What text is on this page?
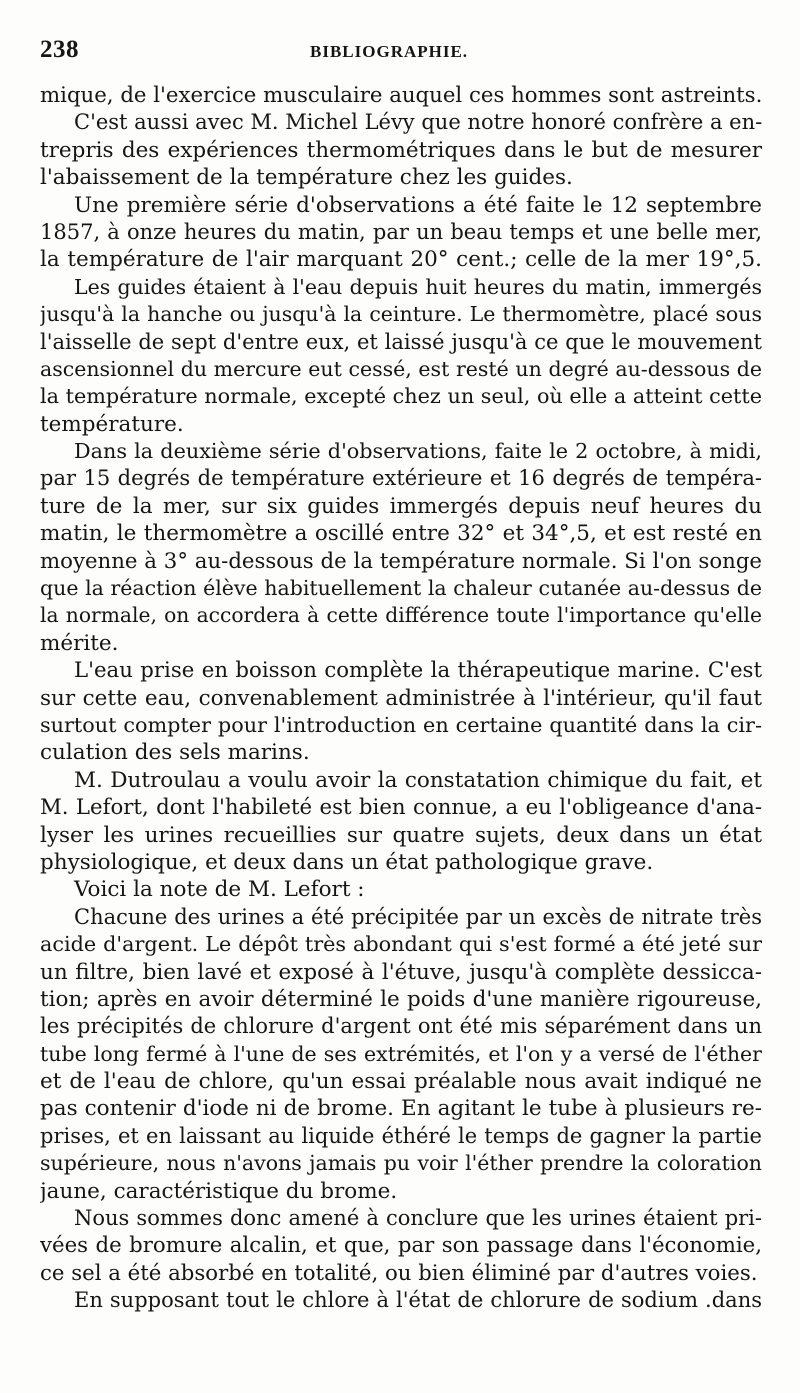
238	BIBLIOGRAPHIE.
mique, de l'exercice musculaire auquel ces hommes sont astreints.
C'est aussi avec M. Michel Lévy que notre honoré confrère a en-
trepris des expériences thermométriques dans le but de mesurer
l'abaissement de la température chez les guides.
Une première série d'observations a été faite le 12 septembre
1857, à onze heures du matin, par un beau temps et une belle mer,
la température de l'air marquant 20° cent.; celle de la mer 19°,5.
Les guides étaient à l'eau depuis huit heures du matin, immergés
jusqu'à la hanche ou jusqu'à la ceinture. Le thermomètre, placé sous
l'aisselle de sept d'entre eux, et laissé jusqu'à ce que le mouvement
ascensionnel du mercure eut cessé, est resté un degré au-dessous de
la température normale, excepté chez un seul, où elle a atteint cette
température.
Dans la deuxième série d'observations, faite le 2 octobre, à midi,
par 15 degrés de température extérieure et 16 degrés de tempéra-
ture de la mer, sur six guides immergés depuis neuf heures du
matin, le thermomètre a oscillé entre 32° et 34°,5, et est resté en
moyenne à 3° au-dessous de la température normale. Si l'on songe
que la réaction élève habituellement la chaleur cutanée au-dessus de
la normale, on accordera à cette différence toute l'importance qu'elle
mérite.
L'eau prise en boisson complète la thérapeutique marine. C'est
sur cette eau, convenablement administrée à l'intérieur, qu'il faut
surtout compter pour l'introduction en certaine quantité dans la cir-
culation des sels marins.
M. Dutroulau a voulu avoir la constatation chimique du fait, et
M. Lefort, dont l'habileté est bien connue, a eu l'obligeance d'ana-
lyser les urines recueillies sur quatre sujets, deux dans un état
physiologique, et deux dans un état pathologique grave.
Voici la note de M. Lefort :
Chacune des urines a été précipitée par un excès de nitrate très
acide d'argent. Le dépôt très abondant qui s'est formé a été jeté sur
un filtre, bien lavé et exposé à l'étuve, jusqu'à complète dessicca-
tion; après en avoir déterminé le poids d'une manière rigoureuse,
les précipités de chlorure d'argent ont été mis séparément dans un
tube long fermé à l'une de ses extrémités, et l'on y a versé de l'éther
et de l'eau de chlore, qu'un essai préalable nous avait indiqué ne
pas contenir d'iode ni de brome. En agitant le tube à plusieurs re-
prises, et en laissant au liquide éthéré le temps de gagner la partie
supérieure, nous n'avons jamais pu voir l'éther prendre la coloration
jaune, caractéristique du brome.
Nous sommes donc amené à conclure que les urines étaient pri-
vées de bromure alcalin, et que, par son passage dans l'économie,
ce sel a été absorbé en totalité, ou bien éliminé par d'autres voies.
En supposant tout le chlore à l'état de chlorure de sodium .dans
